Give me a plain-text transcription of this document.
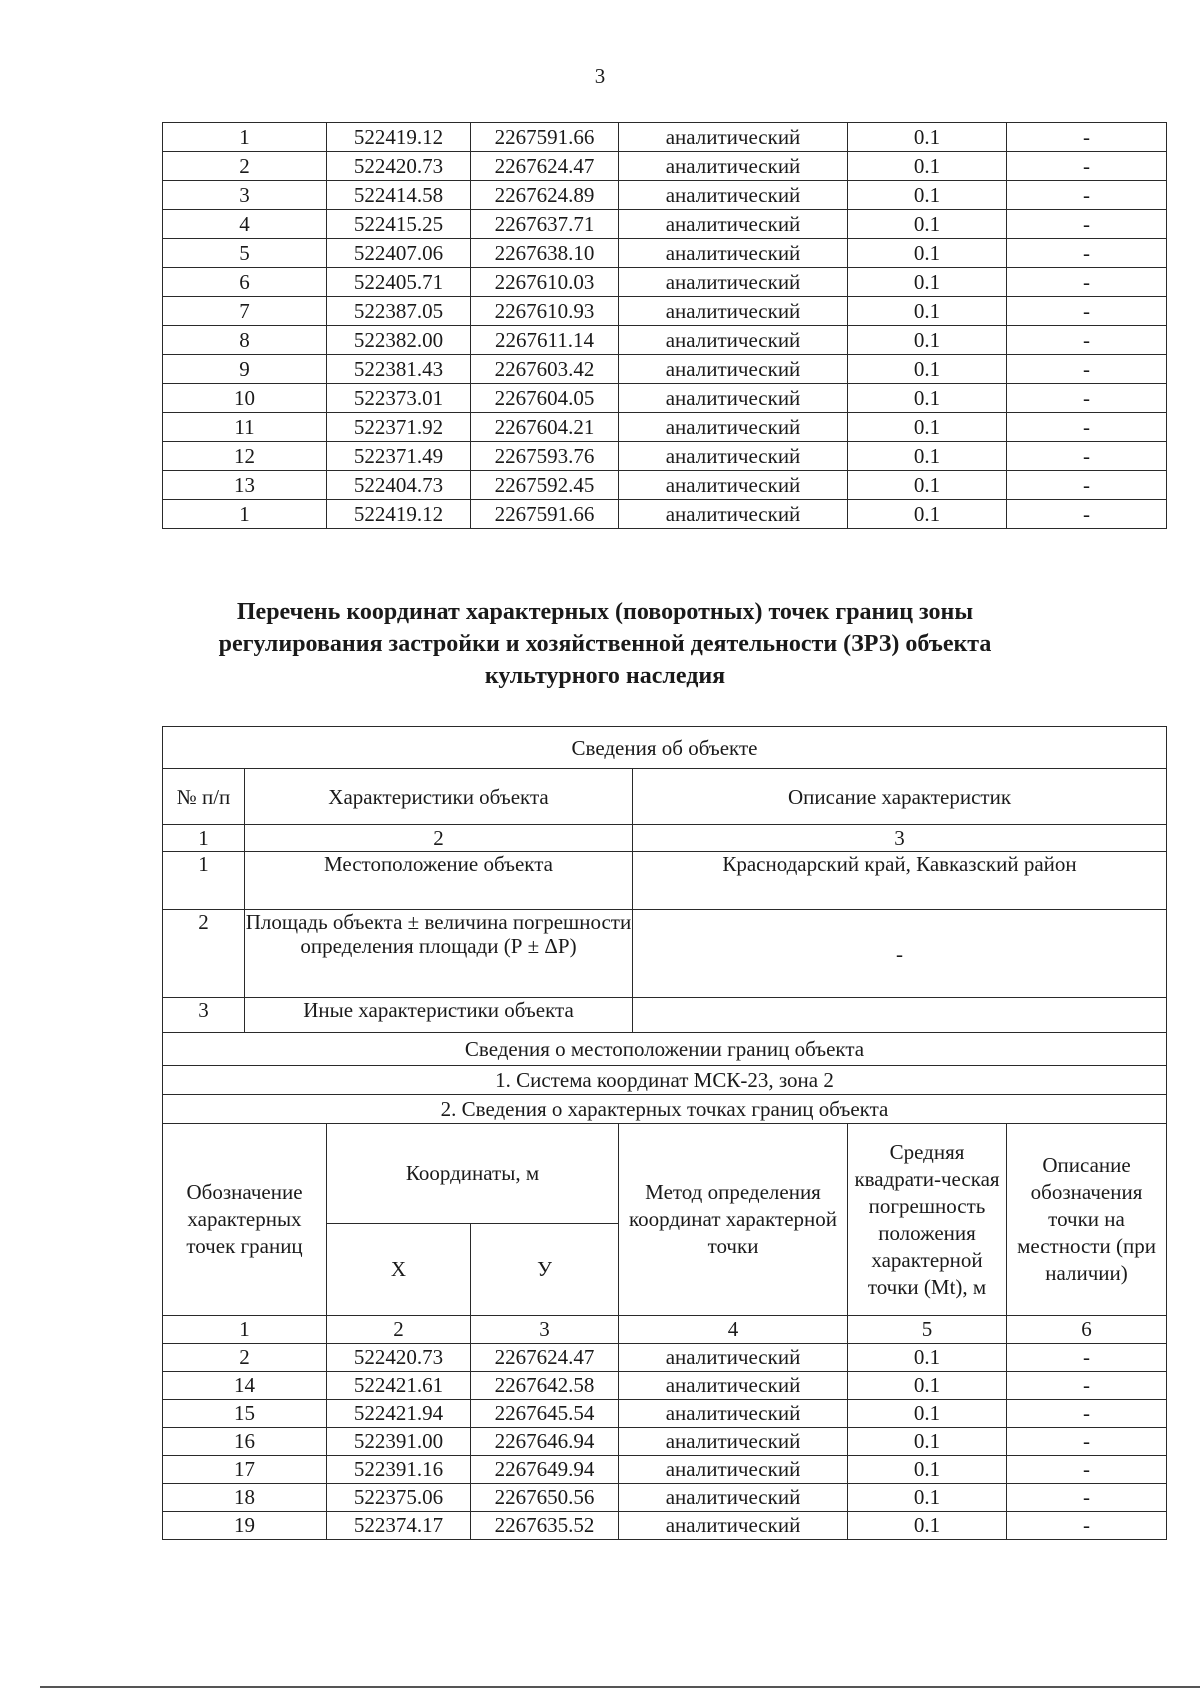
3
1	522419.12	2267591.66	аналитический	0.1	-
2	522420.73	2267624.47	аналитический	0.1	-
3	522414.58	2267624.89	аналитический	0.1	-
4	522415.25	2267637.71	аналитический	0.1	-
5	522407.06	2267638.10	аналитический	0.1	-
6	522405.71	2267610.03	аналитический	0.1	-
7	522387.05	2267610.93	аналитический	0.1	-
8	522382.00	2267611.14	аналитический	0.1	-
9	522381.43	2267603.42	аналитический	0.1	-
10	522373.01	2267604.05	аналитический	0.1	-
11	522371.92	2267604.21	аналитический	0.1	-
12	522371.49	2267593.76	аналитический	0.1	-
13	522404.73	2267592.45	аналитический	0.1	-
1	522419.12	2267591.66	аналитический	0.1	-
Перечень координат характерных (поворотных) точек границ зоны
регулирования застройки и хозяйственной деятельности (ЗРЗ) объекта
культурного наследия
Сведения об объекте		
№ п/п	Характеристики объекта	Описание характеристик
1	2	3
1	Местоположение объекта	Краснодарский край, Кавказский район
2	Площадь объекта ± величина погрешности определения площади (Р ± ΔР)	-
3	Иные характеристики объекта	
Сведения о местоположении границ объекта		
1. Система координат МСК-23, зона 2		
2. Сведения о характерных точках границ объекта		
Обозначение характерных точек границ	Координаты, м		Метод определения координат характерной точки	Средняя квадрати-ческая погрешность положения характерной точки (Мt), м	Описание обозначения точки на местности (при наличии)
	Х	У			
1	2	3	4	5	6
2	522420.73	2267624.47	аналитический	0.1	-
14	522421.61	2267642.58	аналитический	0.1	-
15	522421.94	2267645.54	аналитический	0.1	-
16	522391.00	2267646.94	аналитический	0.1	-
17	522391.16	2267649.94	аналитический	0.1	-
18	522375.06	2267650.56	аналитический	0.1	-
19	522374.17	2267635.52	аналитический	0.1	-
